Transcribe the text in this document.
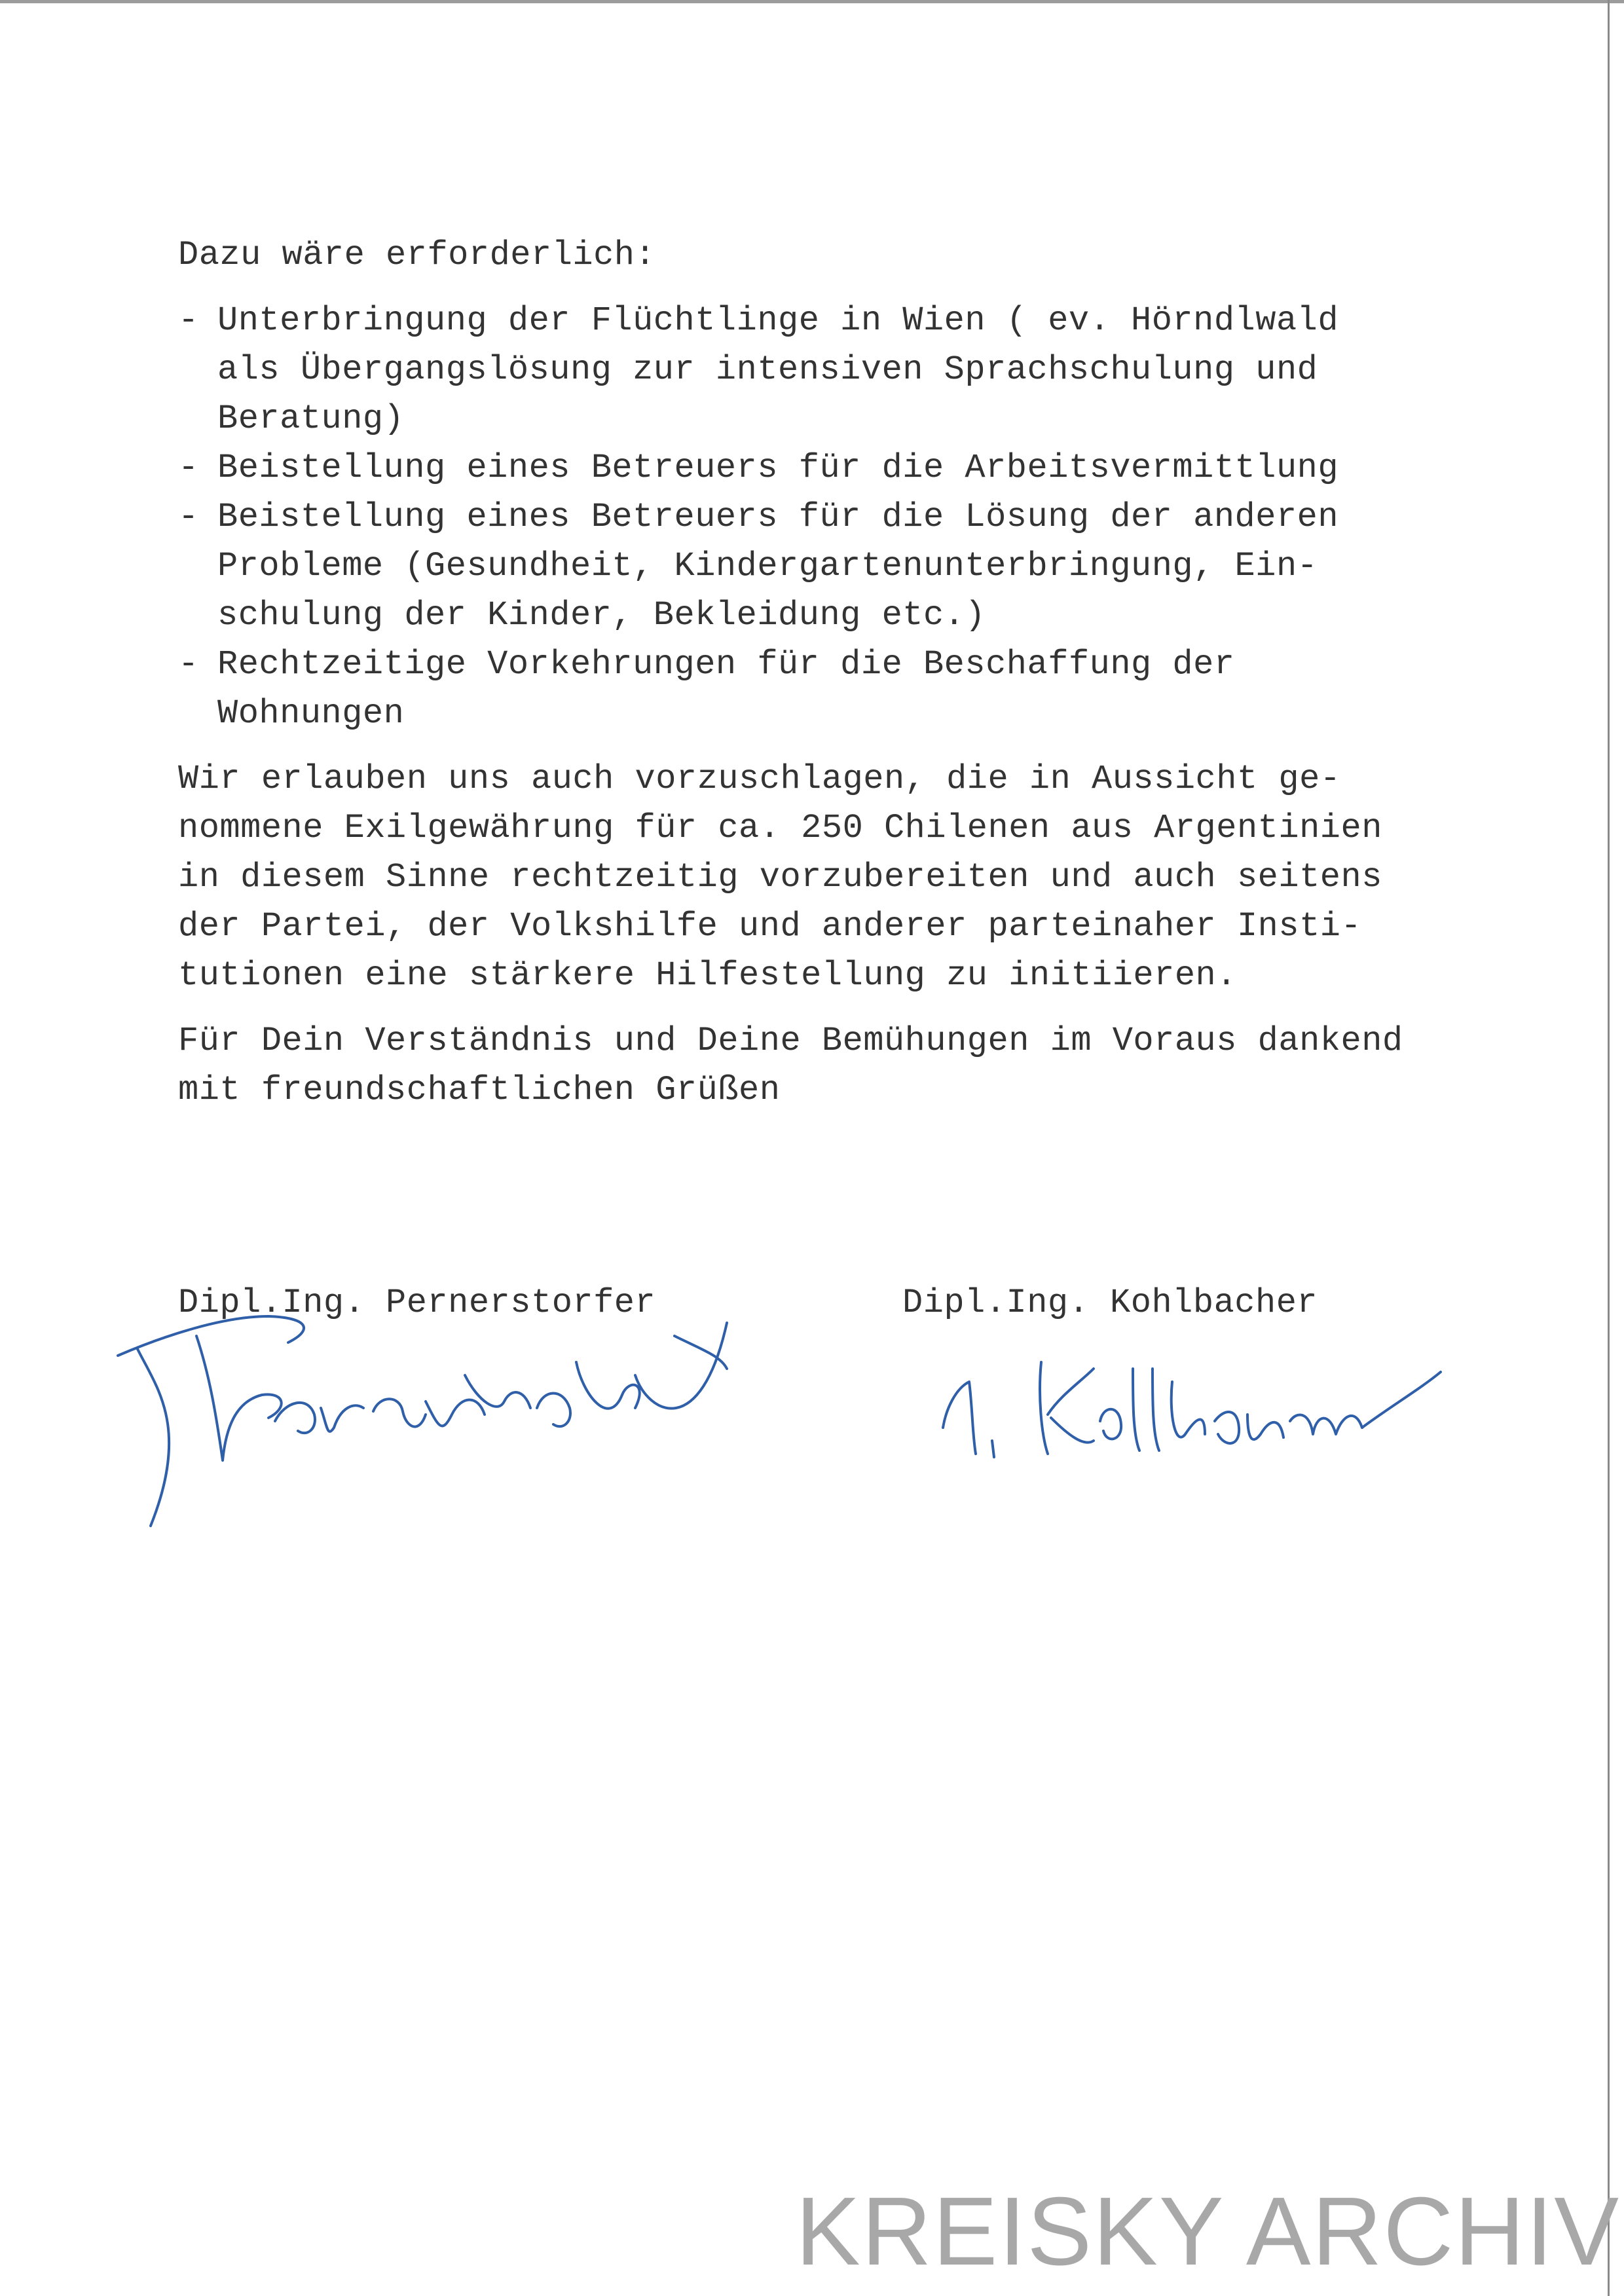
Dazu wäre erforderlich:
- Unterbringung der Flüchtlinge in Wien ( ev. Hörndlwald
als Übergangslösung zur intensiven Sprachschulung und
Beratung)
- Beistellung eines Betreuers für die Arbeitsvermittlung
- Beistellung eines Betreuers für die Lösung der anderen
Probleme (Gesundheit, Kindergartenunterbringung, Ein-
schulung der Kinder, Bekleidung etc.)
- Rechtzeitige Vorkehrungen für die Beschaffung der
Wohnungen
Wir erlauben uns auch vorzuschlagen, die in Aussicht ge-
nommene Exilgewährung für ca. 250 Chilenen aus Argentinien
in diesem Sinne rechtzeitig vorzubereiten und auch seitens
der Partei, der Volkshilfe und anderer parteinaher Insti-
tutionen eine stärkere Hilfestellung zu initiieren.
Für Dein Verständnis und Deine Bemühungen im Voraus dankend
mit freundschaftlichen Grüßen
Dipl.Ing. Pernerstorfer	Dipl.Ing. Kohlbacher
KREISKY ARCHIV
